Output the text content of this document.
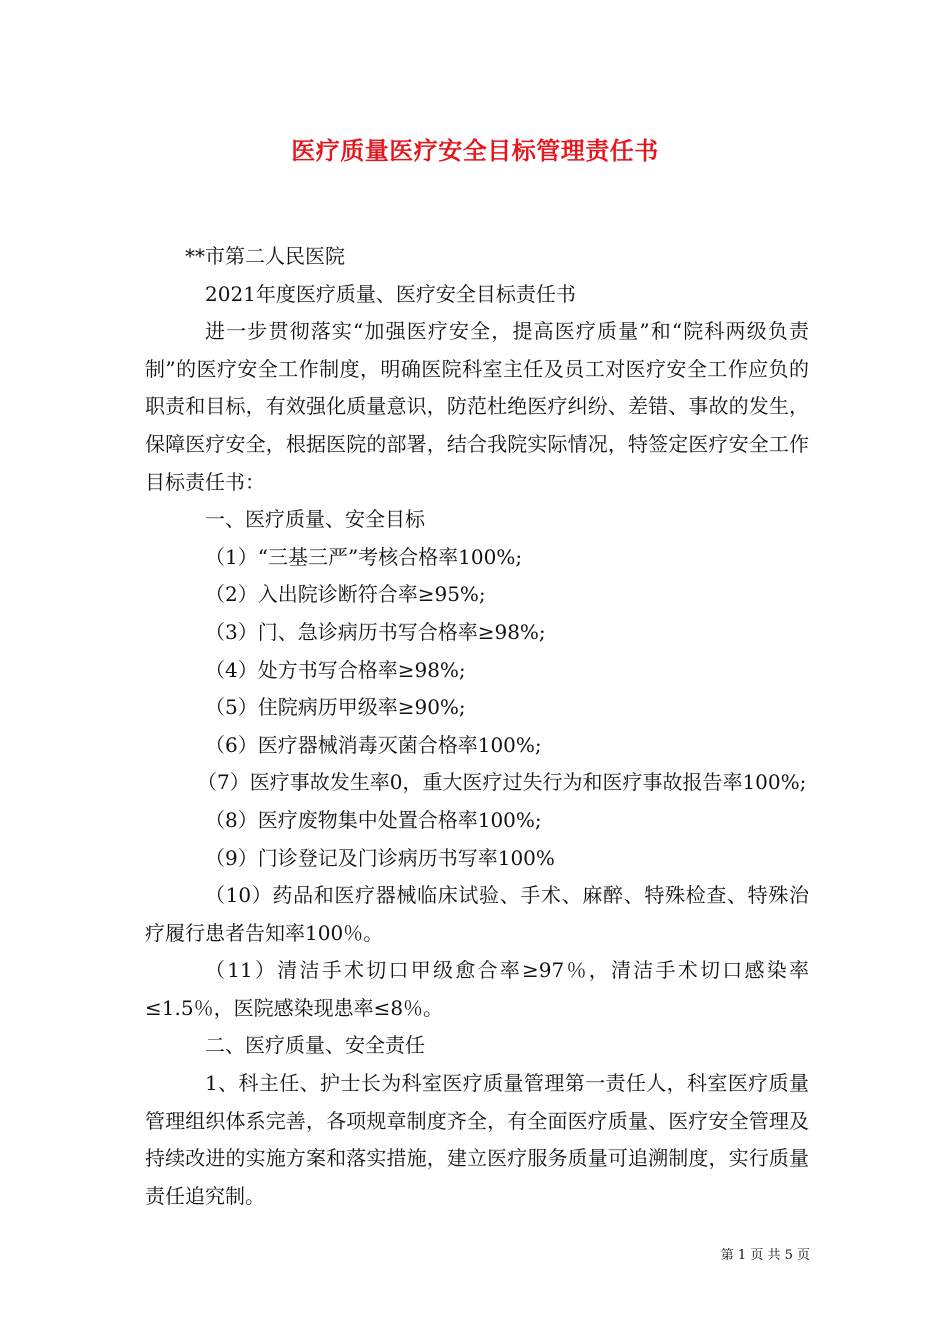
医疗质量医疗安全目标管理责任书

**市第二人民医院

2021年度医疗质量、医疗安全目标责任书

进一步贯彻落实“加强医疗安全，提高医疗质量”和“院科两级负责制”的医疗安全工作制度，明确医院科室主任及员工对医疗安全工作应负的职责和目标，有效强化质量意识，防范杜绝医疗纠纷、差错、事故的发生，保障医疗安全，根据医院的部署，结合我院实际情况，特签定医疗安全工作目标责任书：

一、医疗质量、安全目标

（1）“三基三严”考核合格率100%;

（2）入出院诊断符合率≥95%;

（3）门、急诊病历书写合格率≥98%;

（4）处方书写合格率≥98%;

（5）住院病历甲级率≥90%;

（6）医疗器械消毒灭菌合格率100%;

（7）医疗事故发生率0，重大医疗过失行为和医疗事故报告率100%;

（8）医疗废物集中处置合格率100%;

（9）门诊登记及门诊病历书写率100%

（10）药品和医疗器械临床试验、手术、麻醉、特殊检查、特殊治疗履行患者告知率100％。

（11）清洁手术切口甲级愈合率≥97％，清洁手术切口感染率≤1.5％，医院感染现患率≤8％。

二、医疗质量、安全责任

1、科主任、护士长为科室医疗质量管理第一责任人，科室医疗质量管理组织体系完善，各项规章制度齐全，有全面医疗质量、医疗安全管理及持续改进的实施方案和落实措施，建立医疗服务质量可追溯制度，实行质量责任追究制。

第 1 页 共 5 页
